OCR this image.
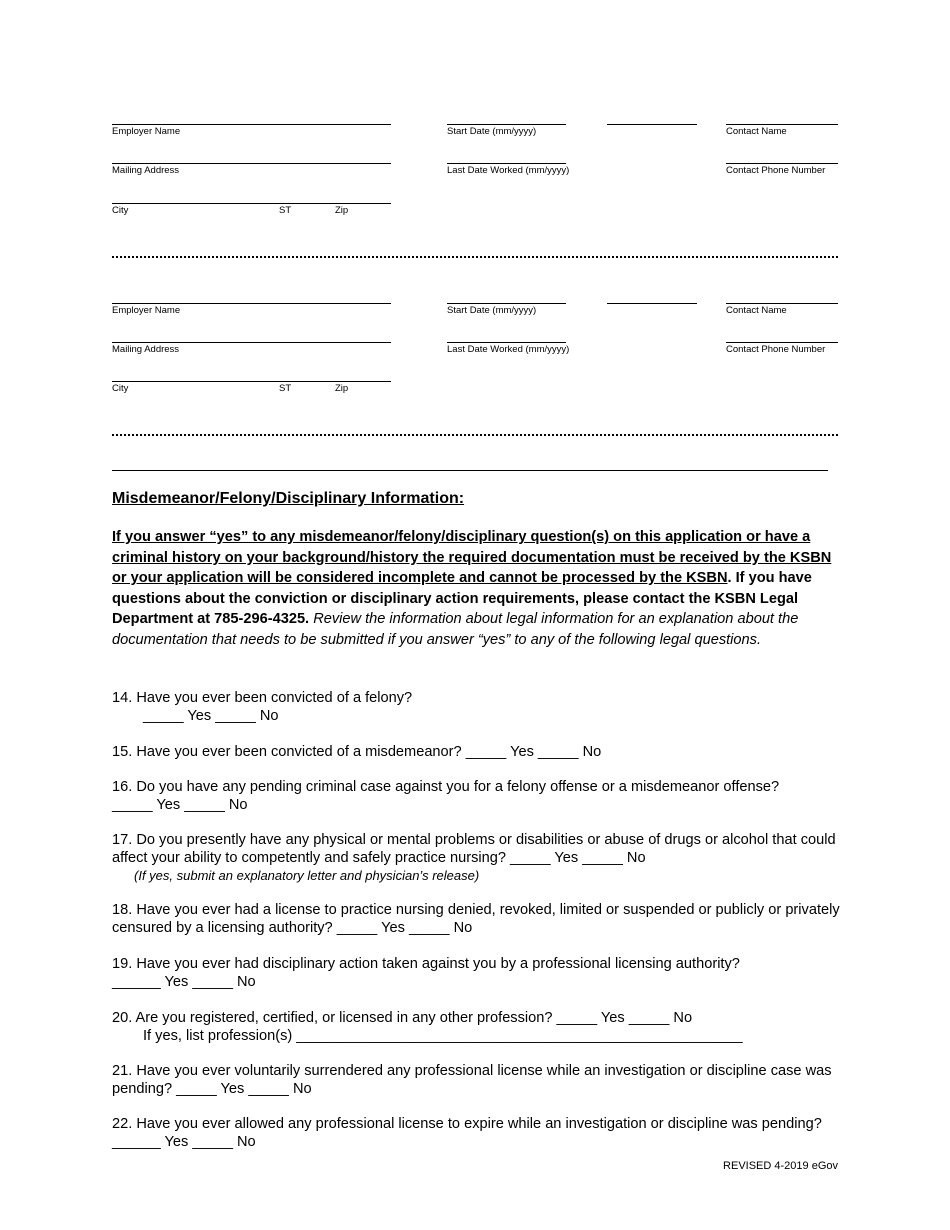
Employer Name	Start Date (mm/yyyy)	Contact Name
Mailing Address	Last Date Worked (mm/yyyy)	Contact Phone Number
City	ST	Zip
Employer Name	Start Date (mm/yyyy)	Contact Name
Mailing Address	Last Date Worked (mm/yyyy)	Contact Phone Number
City	ST	Zip
Misdemeanor/Felony/Disciplinary Information:
If you answer “yes” to any misdemeanor/felony/disciplinary question(s) on this application or have a criminal history on your background/history the required documentation must be received by the KSBN or your application will be considered incomplete and cannot be processed by the KSBN. If you have questions about the conviction or disciplinary action requirements, please contact the KSBN Legal Department at 785-296-4325. Review the information about legal information for an explanation about the documentation that needs to be submitted if you answer “yes” to any of the following legal questions.
14. Have you ever been convicted of a felony?
_____ Yes _____ No
15. Have you ever been convicted of a misdemeanor? _____ Yes _____ No
16. Do you have any pending criminal case against you for a felony offense or a misdemeanor offense?
_____ Yes _____ No
17. Do you presently have any physical or mental problems or disabilities or abuse of drugs or alcohol that could affect your ability to competently and safely practice nursing? _____ Yes _____ No
(If yes, submit an explanatory letter and physician’s release)
18. Have you ever had a license to practice nursing denied, revoked, limited or suspended or publicly or privately censured by a licensing authority? _____ Yes _____ No
19. Have you ever had disciplinary action taken against you by a professional licensing authority?
______ Yes _____ No
20. Are you registered, certified, or licensed in any other profession? _____ Yes _____ No
If yes, list profession(s) _______________________________________________________
21. Have you ever voluntarily surrendered any professional license while an investigation or discipline case was pending? _____ Yes _____ No
22. Have you ever allowed any professional license to expire while an investigation or discipline was pending? ______ Yes _____ No
REVISED 4-2019 eGov
